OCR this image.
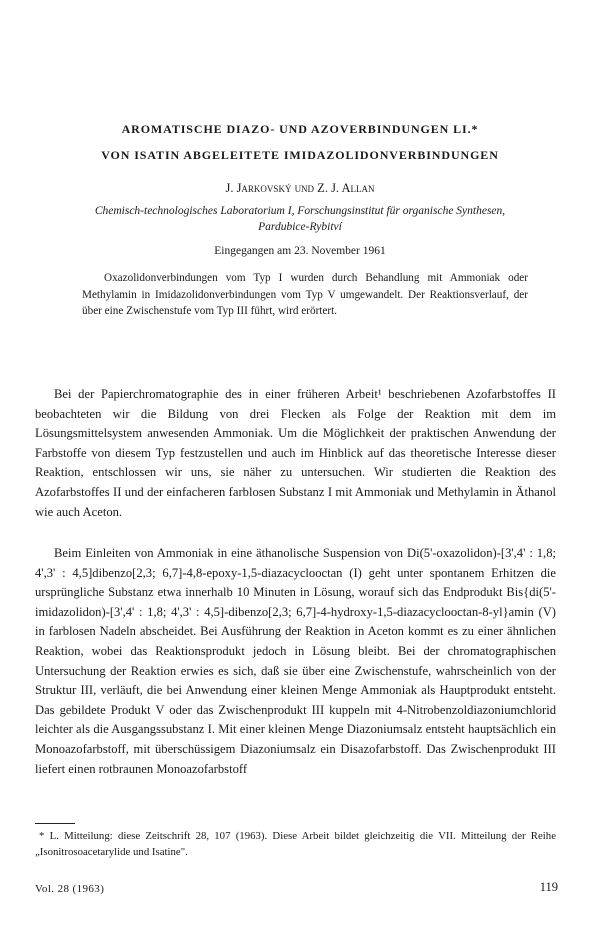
AROMATISCHE DIAZO- UND AZOVERBINDUNGEN LI.*
VON ISATIN ABGELEITETE IMIDAZOLIDONVERBINDUNGEN
J. Jarkovský und Z. J. Allan
Chemisch-technologisches Laboratorium I, Forschungsinstitut für organische Synthesen,
Pardubice-Rybitví
Eingegangen am 23. November 1961
Oxazolidonverbindungen vom Typ I wurden durch Behandlung mit Ammoniak oder Methylamin in Imidazolidonverbindungen vom Typ V umgewandelt. Der Reaktionsverlauf, der über eine Zwischenstufe vom Typ III führt, wird erörtert.
Bei der Papierchromatographie des in einer früheren Arbeit¹ beschriebenen Azofarbstoffes II beobachteten wir die Bildung von drei Flecken als Folge der Reaktion mit dem im Lösungsmittelsystem anwesenden Ammoniak. Um die Möglichkeit der praktischen Anwendung der Farbstoffe von diesem Typ festzustellen und auch im Hinblick auf das theoretische Interesse dieser Reaktion, entschlossen wir uns, sie näher zu untersuchen. Wir studierten die Reaktion des Azofarbstoffes II und der einfacheren farblosen Substanz I mit Ammoniak und Methylamin in Äthanol wie auch Aceton.
Beim Einleiten von Ammoniak in eine äthanolische Suspension von Di(5'-oxazolidon)-[3',4' : 1,8; 4',3' : 4,5]dibenzo[2,3; 6,7]-4,8-epoxy-1,5-diazacyclooctan (I) geht unter spontanem Erhitzen die ursprüngliche Substanz etwa innerhalb 10 Minuten in Lösung, worauf sich das Endprodukt Bis{di(5'-imidazolidon)-[3',4' : 1,8; 4',3' : 4,5]-dibenzo[2,3; 6,7]-4-hydroxy-1,5-diazacyclooctan-8-yl}amin (V) in farblosen Nadeln abscheidet. Bei Ausführung der Reaktion in Aceton kommt es zu einer ähnlichen Reaktion, wobei das Reaktionsprodukt jedoch in Lösung bleibt. Bei der chromatographischen Untersuchung der Reaktion erwies es sich, daß sie über eine Zwischenstufe, wahrscheinlich von der Struktur III, verläuft, die bei Anwendung einer kleinen Menge Ammoniak als Hauptprodukt entsteht. Das gebildete Produkt V oder das Zwischenprodukt III kuppeln mit 4-Nitrobenzoldiazoniumchlorid leichter als die Ausgangssubstanz I. Mit einer kleinen Menge Diazoniumsalz entsteht hauptsächlich ein Monoazofarbstoff, mit überschüssigem Diazoniumsalz ein Disazofarbstoff. Das Zwischenprodukt III liefert einen rotbraunen Monoazofarbstoff
* L. Mitteilung: diese Zeitschrift 28, 107 (1963). Diese Arbeit bildet gleichzeitig die VII. Mitteilung der Reihe „Isonitrosoacetarylide und Isatine".
Vol. 28 (1963)	119
